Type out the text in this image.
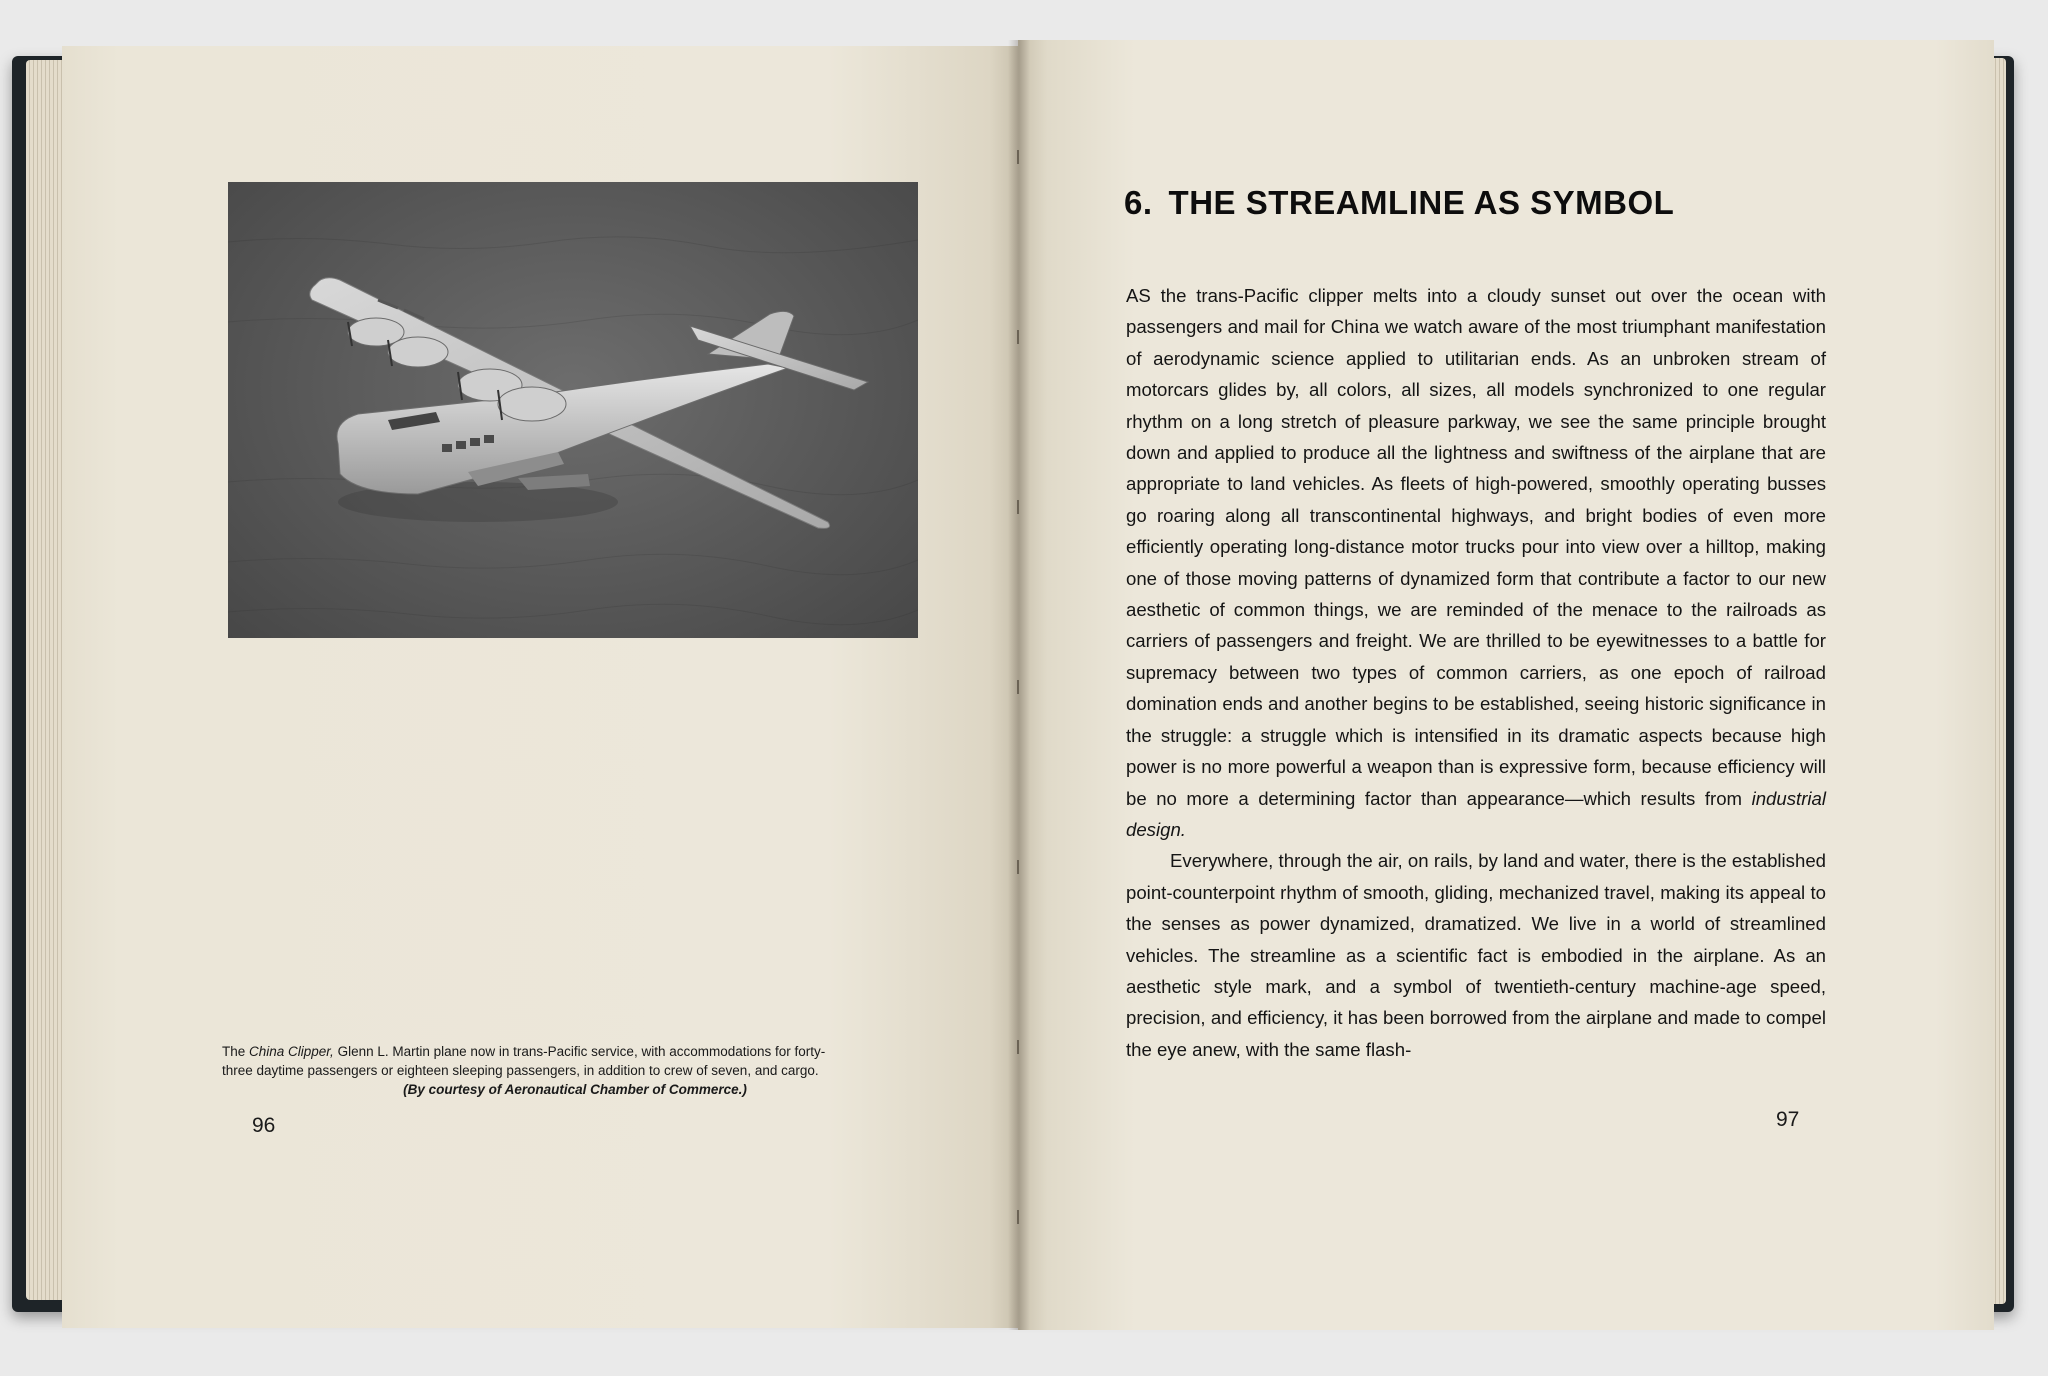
The China Clipper, Glenn L. Martin plane now in trans-Pacific service, with accommodations for forty-
three daytime passengers or eighteen sleeping passengers, in addition to crew of seven, and cargo.
(By courtesy of Aeronautical Chamber of Commerce.)
96
6. THE STREAMLINE AS SYMBOL

AS the trans-Pacific clipper melts into a cloudy sunset out over the ocean with passengers and mail for China we watch aware of the most triumphant manifestation of aerodynamic science applied to utilitarian ends. As an unbroken stream of motorcars glides by, all colors, all sizes, all models synchronized to one regular rhythm on a long stretch of pleasure parkway, we see the same principle brought down and applied to produce all the lightness and swiftness of the airplane that are appropriate to land vehicles. As fleets of high-powered, smoothly operating busses go roaring along all transcontinental highways, and bright bodies of even more efficiently operating long-distance motor trucks pour into view over a hilltop, making one of those moving patterns of dynamized form that contribute a factor to our new aesthetic of common things, we are reminded of the menace to the railroads as carriers of passengers and freight. We are thrilled to be eyewitnesses to a battle for supremacy between two types of common carriers, as one epoch of railroad domination ends and another begins to be established, seeing historic significance in the struggle: a struggle which is intensified in its dramatic aspects because high power is no more powerful a weapon than is expressive form, because efficiency will be no more a determining factor than appearance—which results from industrial design.

Everywhere, through the air, on rails, by land and water, there is the established point-counterpoint rhythm of smooth, gliding, mechanized travel, making its appeal to the senses as power dynamized, dramatized. We live in a world of streamlined vehicles. The streamline as a scientific fact is embodied in the airplane. As an aesthetic style mark, and a symbol of twentieth-century machine-age speed, precision, and efficiency, it has been borrowed from the airplane and made to compel the eye anew, with the same flash-

97
